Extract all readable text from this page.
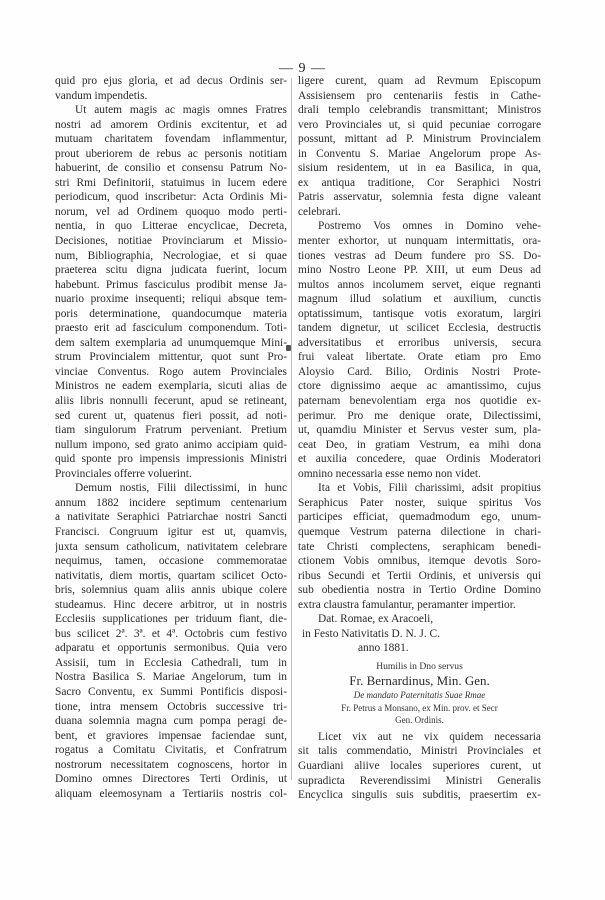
— 9 —
quid pro ejus gloria, et ad decus Ordinis ser-
vandum impendetis.
Ut autem magis ac magis omnes Fratres
nostri ad amorem Ordinis excitentur, et ad
mutuam charitatem fovendam inflammentur,
prout uberiorem de rebus ac personis notitiam
habuerint, de consilio et consensu Patrum No-
stri Rmi Definitorii, statuimus in lucem edere
periodicum, quod inscribetur: Acta Ordinis Mi-
norum, vel ad Ordinem quoquo modo perti-
nentia, in quo Litterae encyclicae, Decreta,
Decisiones, notitiae Provinciarum et Missio-
num, Bibliographia, Necrologiae, et si quae
praeterea scitu digna judicata fuerint, locum
habebunt. Primus fasciculus prodibit mense Ja-
nuario proxime insequenti; reliqui absque tem-
poris determinatione, quandocumque materia
praesto erit ad fasciculum componendum. Toti-
dem saltem exemplaria ad unumquemque Mini-
strum Provincialem mittentur, quot sunt Pro-
vinciae Conventus. Rogo autem Provinciales
Ministros ne eadem exemplaria, sicuti alias de
aliis libris nonnulli fecerunt, apud se retineant,
sed curent ut, quatenus fieri possit, ad noti-
tiam singulorum Fratrum perveniant. Pretium
nullum impono, sed grato animo accipiam quid-
quid sponte pro impensis impressionis Ministri
Provinciales offerre voluerint.
Demum nostis, Filii dilectissimi, in hunc
annum 1882 incidere septimum centenarium
a nativitate Seraphici Patriarchae nostri Sancti
Francisci. Congruum igitur est ut, quamvis,
juxta sensum catholicum, nativitatem celebrare
nequimus, tamen, occasione commemoratae
nativitatis, diem mortis, quartam scilicet Octo-
bris, solemnius quam aliis annis ubique colere
studeamus. Hinc decere arbitror, ut in nostris
Ecclesiis supplicationes per triduum fiant, die-
bus scilicet 2ª. 3ª. et 4ª. Octobris cum festivo
adparatu et opportunis sermonibus. Quia vero
Assisii, tum in Ecclesia Cathedrali, tum in
Nostra Basilica S. Mariae Angelorum, tum in
Sacro Conventu, ex Summi Pontificis disposi-
tione, intra mensem Octobris successive tri-
duana solemnia magna cum pompa peragi de-
bent, et graviores impensae faciendae sunt,
rogatus a Comitatu Civitatis, et Confratrum
nostrorum necessitatem cognoscens, hortor in
Domino omnes Directores Terti Ordinis, ut
aliquam eleemosynam a Tertiariis nostris col-
ligere curent, quam ad Revmum Episcopum
Assisiensem pro centenariis festis in Cathe-
drali templo celebrandis transmittant; Ministros
vero Provinciales ut, si quid pecuniae corrogare
possunt, mittant ad P. Ministrum Provincialem
in Conventu S. Mariae Angelorum prope As-
sisium residentem, ut in ea Basilica, in qua,
ex antiqua traditione, Cor Seraphici Nostri
Patris asservatur, solemnia festa digne valeant
celebrari.
Postremo Vos omnes in Domino vehe-
menter exhortor, ut nunquam intermittatis, ora-
tiones vestras ad Deum fundere pro SS. Do-
mino Nostro Leone PP. XIII, ut eum Deus ad
multos annos incolumem servet, eique regnanti
magnum illud solatium et auxilium, cunctis
optatissimum, tantisque votis exoratum, largiri
tandem dignetur, ut scilicet Ecclesia, destructis
adversitatibus et erroribus universis, secura
frui valeat libertate. Orate etiam pro Emo
Aloysio Card. Bilio, Ordinis Nostri Prote-
ctore dignissimo aeque ac amantissimo, cujus
paternam benevolentiam erga nos quotidie ex-
perimur. Pro me denique orate, Dilectissimi,
ut, quamdiu Minister et Servus vester sum, pla-
ceat Deo, in gratiam Vestrum, ea mihi dona
et auxilia concedere, quae Ordinis Moderatori
omnino necessaria esse nemo non videt.
Ita et Vobis, Filii charissimi, adsit propitius
Seraphicus Pater noster, suique spiritus Vos
participes efficiat, quemadmodum ego, unum-
quemque Vestrum paterna dilectione in chari-
tate Christi complectens, seraphicam benedi-
ctionem Vobis omnibus, itemque devotis Soro-
ribus Secundi et Tertii Ordinis, et universis qui
sub obedientia nostra in Tertio Ordine Domino
extra claustra famulantur, peramanter impertior.
Dat. Romae, ex Aracoeli,
in Festo Nativitatis D. N. J. C.
anno 1881.
Humilis in Dno servus
Fr. Bernardinus, Min. Gen.
De mandato Paternitatis Suae Rmae
Fr. Petrus a Monsano, ex Min. prov. et Secr
Gen. Ordinis.
Licet vix aut ne vix quidem necessaria
sit talis commendatio, Ministri Provinciales et
Guardiani aliive locales superiores curent, ut
supradicta Reverendissimi Ministri Generalis
Encyclica singulis suis subditis, praesertim ex-
